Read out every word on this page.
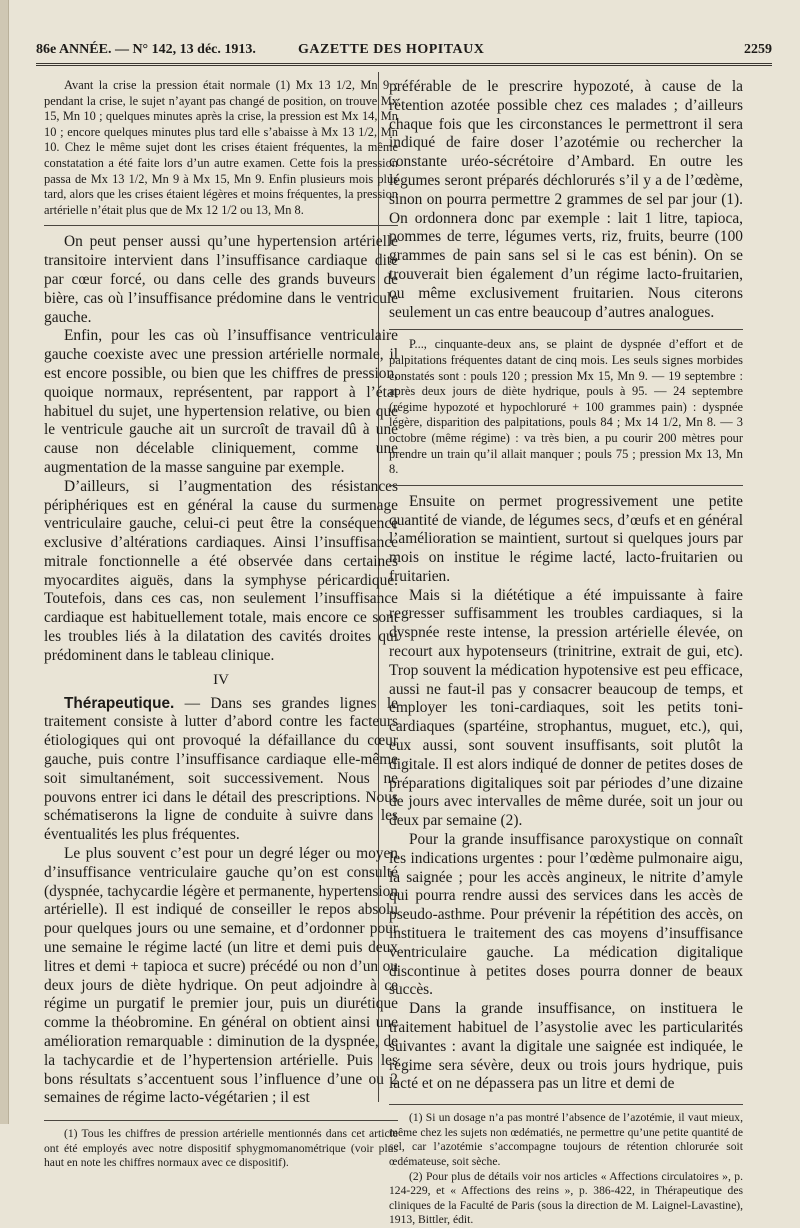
86e ANNÉE. — N° 142, 13 déc. 1913.	GAZETTE DES HOPITAUX	2259

Avant la crise la pression était normale (1) Mx 13 1/2, Mn 9 ; pendant la crise, le sujet n’ayant pas changé de position, on trouve Mx 15, Mn 10 ; quelques minutes après la crise, la pression est Mx 14, Mn 10 ; encore quelques minutes plus tard elle s’abaisse à Mx 13 1/2, Mn 10. Chez le même sujet dont les crises étaient fréquentes, la même constatation a été faite lors d’un autre examen. Cette fois la pression passa de Mx 13 1/2, Mn 9 à Mx 15, Mn 9. Enfin plusieurs mois plus tard, alors que les crises étaient légères et moins fréquentes, la pression artérielle n’était plus que de Mx 12 1/2 ou 13, Mn 8.

On peut penser aussi qu’une hypertension artérielle transitoire intervient dans l’insuffisance cardiaque dite par cœur forcé, ou dans celle des grands buveurs de bière, cas où l’insuffisance prédomine dans le ventricule gauche.

Enfin, pour les cas où l’insuffisance ventriculaire gauche coexiste avec une pression artérielle normale, il est encore possible, ou bien que les chiffres de pression, quoique normaux, représentent, par rapport à l’état habituel du sujet, une hypertension relative, ou bien que le ventricule gauche ait un surcroît de travail dû à une cause non décelable cliniquement, comme une augmentation de la masse sanguine par exemple.

D’ailleurs, si l’augmentation des résistances périphériques est en général la cause du surmenage ventriculaire gauche, celui-ci peut être la conséquence exclusive d’altérations cardiaques. Ainsi l’insuffisance mitrale fonctionnelle a été observée dans certaines myocardites aiguës, dans la symphyse péricardique. Toutefois, dans ces cas, non seulement l’insuffisance cardiaque est habituellement totale, mais encore ce sont les troubles liés à la dilatation des cavités droites qui prédominent dans le tableau clinique.

IV

Thérapeutique. — Dans ses grandes lignes le traitement consiste à lutter d’abord contre les facteurs étiologiques qui ont provoqué la défaillance du cœur gauche, puis contre l’insuffisance cardiaque elle-même soit simultanément, soit successivement. Nous ne pouvons entrer ici dans le détail des prescriptions. Nous schématiserons la ligne de conduite à suivre dans les éventualités les plus fréquentes.

Le plus souvent c’est pour un degré léger ou moyen d’insuffisance ventriculaire gauche qu’on est consulté (dyspnée, tachycardie légère et permanente, hypertension artérielle). Il est indiqué de conseiller le repos absolu pour quelques jours ou une semaine, et d’ordonner pour une semaine le régime lacté (un litre et demi puis deux litres et demi + tapioca et sucre) précédé ou non d’un ou deux jours de diète hydrique. On peut adjoindre à ce régime un purgatif le premier jour, puis un diurétique comme la théobromine. En général on obtient ainsi une amélioration remarquable : diminution de la dyspnée, de la tachycardie et de l’hypertension artérielle. Puis les bons résultats s’accentuent sous l’influence d’une ou 2 semaines de régime lacto-végétarien ; il est

(1) Tous les chiffres de pression artérielle mentionnés dans cet article ont été employés avec notre dispositif sphygmomanométrique (voir plus haut en note les chiffres normaux avec ce dispositif).

préférable de le prescrire hypozoté, à cause de la rétention azotée possible chez ces malades ; d’ailleurs chaque fois que les circonstances le permettront il sera indiqué de faire doser l’azotémie ou rechercher la constante uréo-sécrétoire d’Ambard. En outre les légumes seront préparés déchlorurés s’il y a de l’œdème, sinon on pourra permettre 2 grammes de sel par jour (1). On ordonnera donc par exemple : lait 1 litre, tapioca, pommes de terre, légumes verts, riz, fruits, beurre (100 grammes de pain sans sel si le cas est bénin). On se trouverait bien également d’un régime lacto-fruitarien, ou même exclusivement fruitarien. Nous citerons seulement un cas entre beaucoup d’autres analogues.

P..., cinquante-deux ans, se plaint de dyspnée d’effort et de palpitations fréquentes datant de cinq mois. Les seuls signes morbides constatés sont : pouls 120 ; pression Mx 15, Mn 9. — 19 septembre : après deux jours de diète hydrique, pouls à 95. — 24 septembre (régime hypozoté et hypochloruré + 100 grammes pain) : dyspnée légère, disparition des palpitations, pouls 84 ; Mx 14 1/2, Mn 8. — 3 octobre (même régime) : va très bien, a pu courir 200 mètres pour prendre un train qu’il allait manquer ; pouls 75 ; pression Mx 13, Mn 8.

Ensuite on permet progressivement une petite quantité de viande, de légumes secs, d’œufs et en général l’amélioration se maintient, surtout si quelques jours par mois on institue le régime lacté, lacto-fruitarien ou fruitarien.

Mais si la diététique a été impuissante à faire regresser suffisamment les troubles cardiaques, si la dyspnée reste intense, la pression artérielle élevée, on recourt aux hypotenseurs (trinitrine, extrait de gui, etc). Trop souvent la médication hypotensive est peu efficace, aussi ne faut-il pas y consacrer beaucoup de temps, et employer les toni-cardiaques, soit les petits toni-cardiaques (spartéine, strophantus, muguet, etc.), qui, eux aussi, sont souvent insuffisants, soit plutôt la digitale. Il est alors indiqué de donner de petites doses de préparations digitaliques soit par périodes d’une dizaine de jours avec intervalles de même durée, soit un jour ou deux par semaine (2).

Pour la grande insuffisance paroxystique on connaît les indications urgentes : pour l’œdème pulmonaire aigu, la saignée ; pour les accès angineux, le nitrite d’amyle qui pourra rendre aussi des services dans les accès de pseudo-asthme. Pour prévenir la répétition des accès, on instituera le traitement des cas moyens d’insuffisance ventriculaire gauche. La médication digitalique discontinue à petites doses pourra donner de beaux succès.

Dans la grande insuffisance, on instituera le traitement habituel de l’asystolie avec les particularités suivantes : avant la digitale une saignée est indiquée, le régime sera sévère, deux ou trois jours hydrique, puis lacté et on ne dépassera pas un litre et demi de

(1) Si un dosage n’a pas montré l’absence de l’azotémie, il vaut mieux, même chez les sujets non œdématiés, ne permettre qu’une petite quantité de sel, car l’azotémie s’accompagne toujours de rétention chlorurée soit œdémateuse, soit sèche.

(2) Pour plus de détails voir nos articles « Affections circulatoires », p. 124-229, et « Affections des reins », p. 386-422, in Thérapeutique des cliniques de la Faculté de Paris (sous la direction de M. Laignel-Lavastine), 1913, Bittler, édit.
